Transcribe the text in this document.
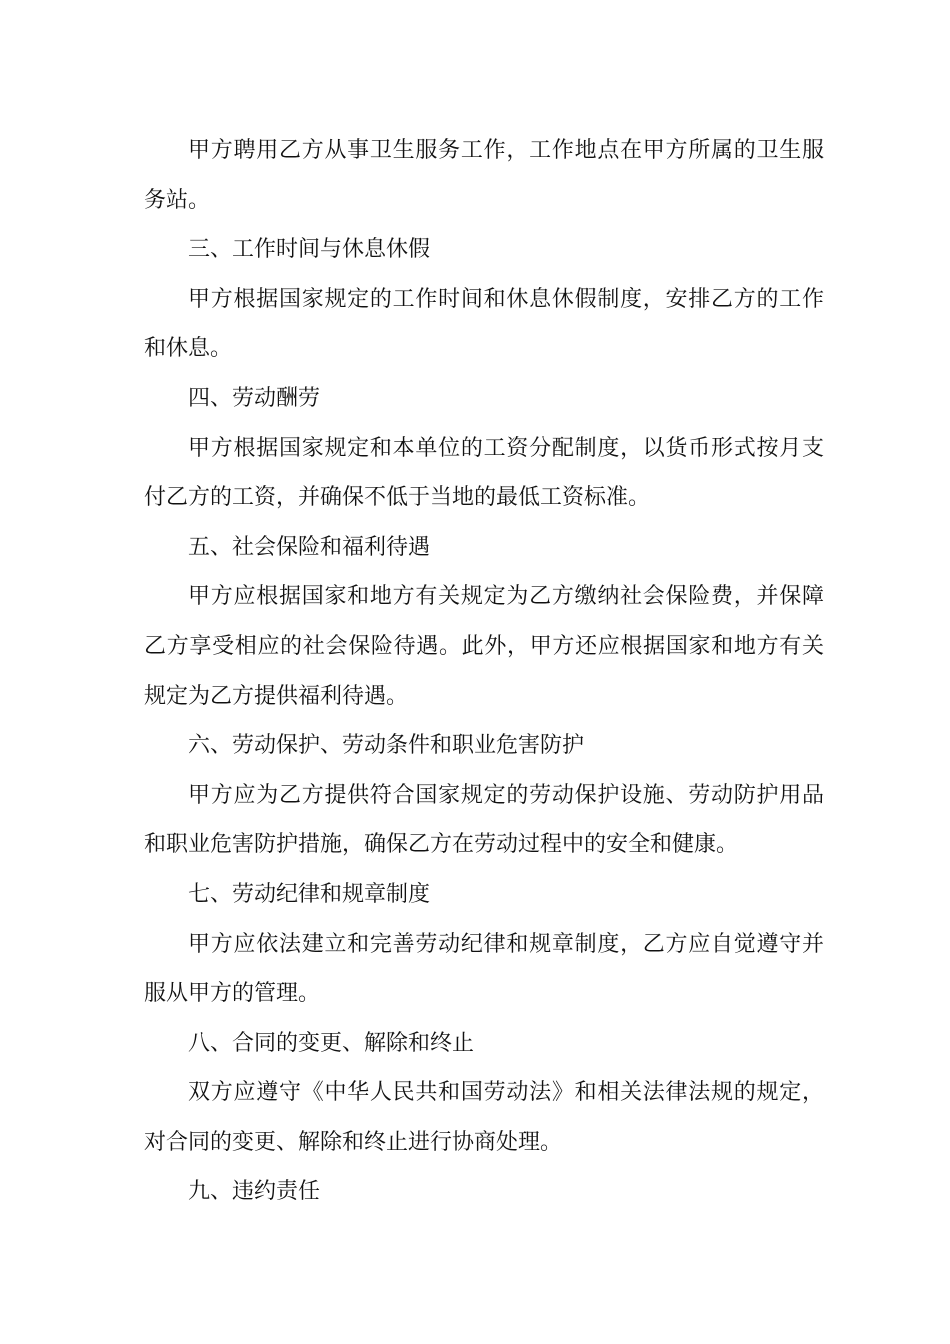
甲方聘用乙方从事卫生服务工作，工作地点在甲方所属的卫生服务站。

三、工作时间与休息休假

甲方根据国家规定的工作时间和休息休假制度，安排乙方的工作和休息。

四、劳动酬劳

甲方根据国家规定和本单位的工资分配制度，以货币形式按月支付乙方的工资，并确保不低于当地的最低工资标准。

五、社会保险和福利待遇

甲方应根据国家和地方有关规定为乙方缴纳社会保险费，并保障乙方享受相应的社会保险待遇。此外，甲方还应根据国家和地方有关规定为乙方提供福利待遇。

六、劳动保护、劳动条件和职业危害防护

甲方应为乙方提供符合国家规定的劳动保护设施、劳动防护用品和职业危害防护措施，确保乙方在劳动过程中的安全和健康。

七、劳动纪律和规章制度

甲方应依法建立和完善劳动纪律和规章制度，乙方应自觉遵守并服从甲方的管理。

八、合同的变更、解除和终止

双方应遵守《中华人民共和国劳动法》和相关法律法规的规定，对合同的变更、解除和终止进行协商处理。

九、违约责任
